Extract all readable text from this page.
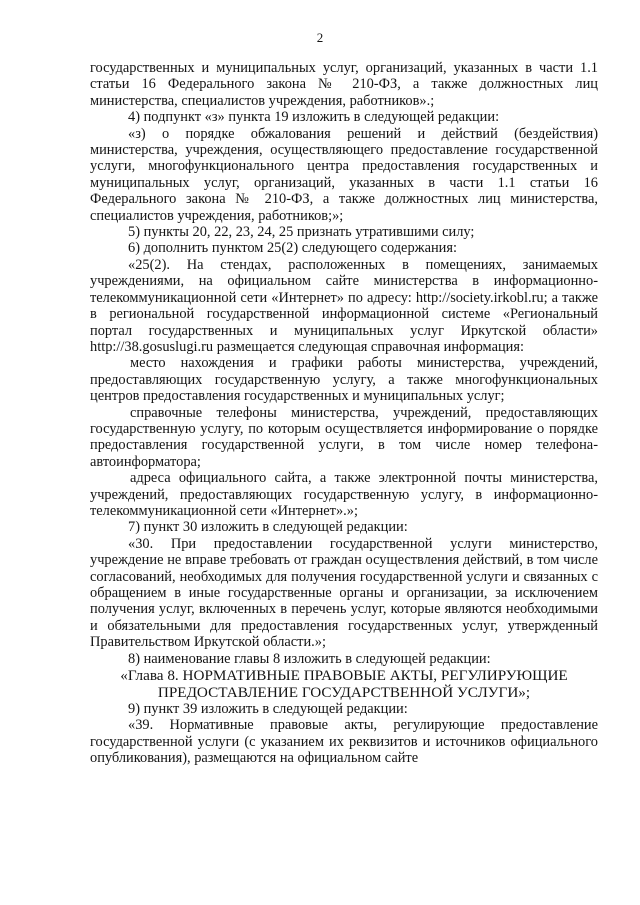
2

государственных и муниципальных услуг, организаций, указанных в части 1.1 статьи 16 Федерального закона № 210-ФЗ, а также должностных лиц министерства, специалистов учреждения, работников».;

4) подпункт «з» пункта 19 изложить в следующей редакции:

«з) о порядке обжалования решений и действий (бездействия) министерства, учреждения, осуществляющего предоставление государственной услуги, многофункционального центра предоставления государственных и муниципальных услуг, организаций, указанных в части 1.1 статьи 16 Федерального закона № 210-ФЗ, а также должностных лиц министерства, специалистов учреждения, работников;»;

5) пункты 20, 22, 23, 24, 25 признать утратившими силу;

6) дополнить пунктом 25(2) следующего содержания:

«25(2). На стендах, расположенных в помещениях, занимаемых учреждениями, на официальном сайте министерства в информационно-телекоммуникационной сети «Интернет» по адресу: http://society.irkobl.ru; а также в региональной государственной информационной системе «Региональный портал государственных и муниципальных услуг Иркутской области» http://38.gosuslugi.ru размещается следующая справочная информация:

место нахождения и графики работы министерства, учреждений, предоставляющих государственную услугу, а также многофункциональных центров предоставления государственных и муниципальных услуг;

справочные телефоны министерства, учреждений, предоставляющих государственную услугу, по которым осуществляется информирование о порядке предоставления государственной услуги, в том числе номер телефона-автоинформатора;

адреса официального сайта, а также электронной почты министерства, учреждений, предоставляющих государственную услугу, в информационно-телекоммуникационной сети «Интернет».»;

7) пункт 30 изложить в следующей редакции:

«30. При предоставлении государственной услуги министерство, учреждение не вправе требовать от граждан осуществления действий, в том числе согласований, необходимых для получения государственной услуги и связанных с обращением в иные государственные органы и организации, за исключением получения услуг, включенных в перечень услуг, которые являются необходимыми и обязательными для предоставления государственных услуг, утвержденный Правительством Иркутской области.»;

8) наименование главы 8 изложить в следующей редакции:

«Глава 8. НОРМАТИВНЫЕ ПРАВОВЫЕ АКТЫ, РЕГУЛИРУЮЩИЕ ПРЕДОСТАВЛЕНИЕ ГОСУДАРСТВЕННОЙ УСЛУГИ»;

9) пункт 39 изложить в следующей редакции:

«39. Нормативные правовые акты, регулирующие предоставление государственной услуги (с указанием их реквизитов и источников официального опубликования), размещаются на официальном сайте
